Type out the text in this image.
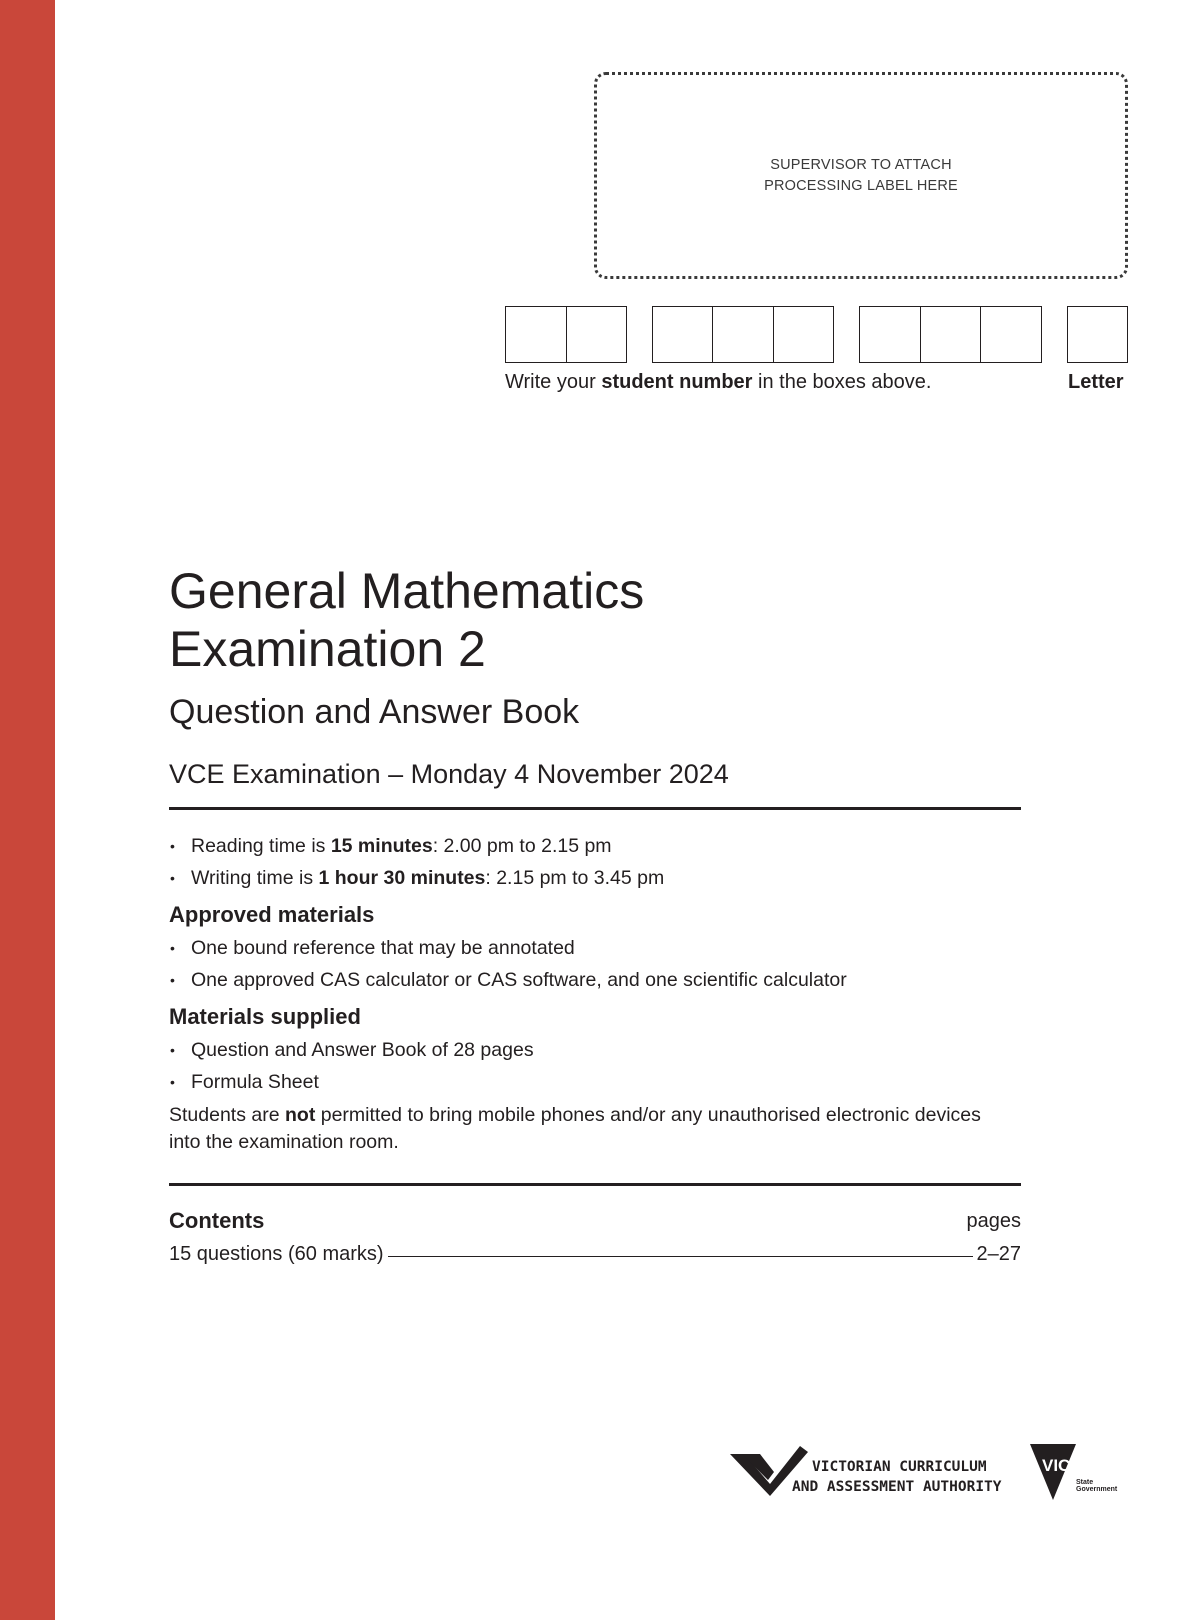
SUPERVISOR TO ATTACH
PROCESSING LABEL HERE
Write your student number in the boxes above.	Letter
General Mathematics
Examination 2
Question and Answer Book
VCE Examination – Monday 4 November 2024
• Reading time is 15 minutes: 2.00 pm to 2.15 pm
• Writing time is 1 hour 30 minutes: 2.15 pm to 3.45 pm
Approved materials
• One bound reference that may be annotated
• One approved CAS calculator or CAS software, and one scientific calculator
Materials supplied
• Question and Answer Book of 28 pages
• Formula Sheet

Students are not permitted to bring mobile phones and/or any unauthorised electronic devices into the examination room.

Contents	pages
15 questions (60 marks)	2–27
VICTORIAN CURRICULUM
AND ASSESSMENT AUTHORITY
VICTORIA
State
Government
